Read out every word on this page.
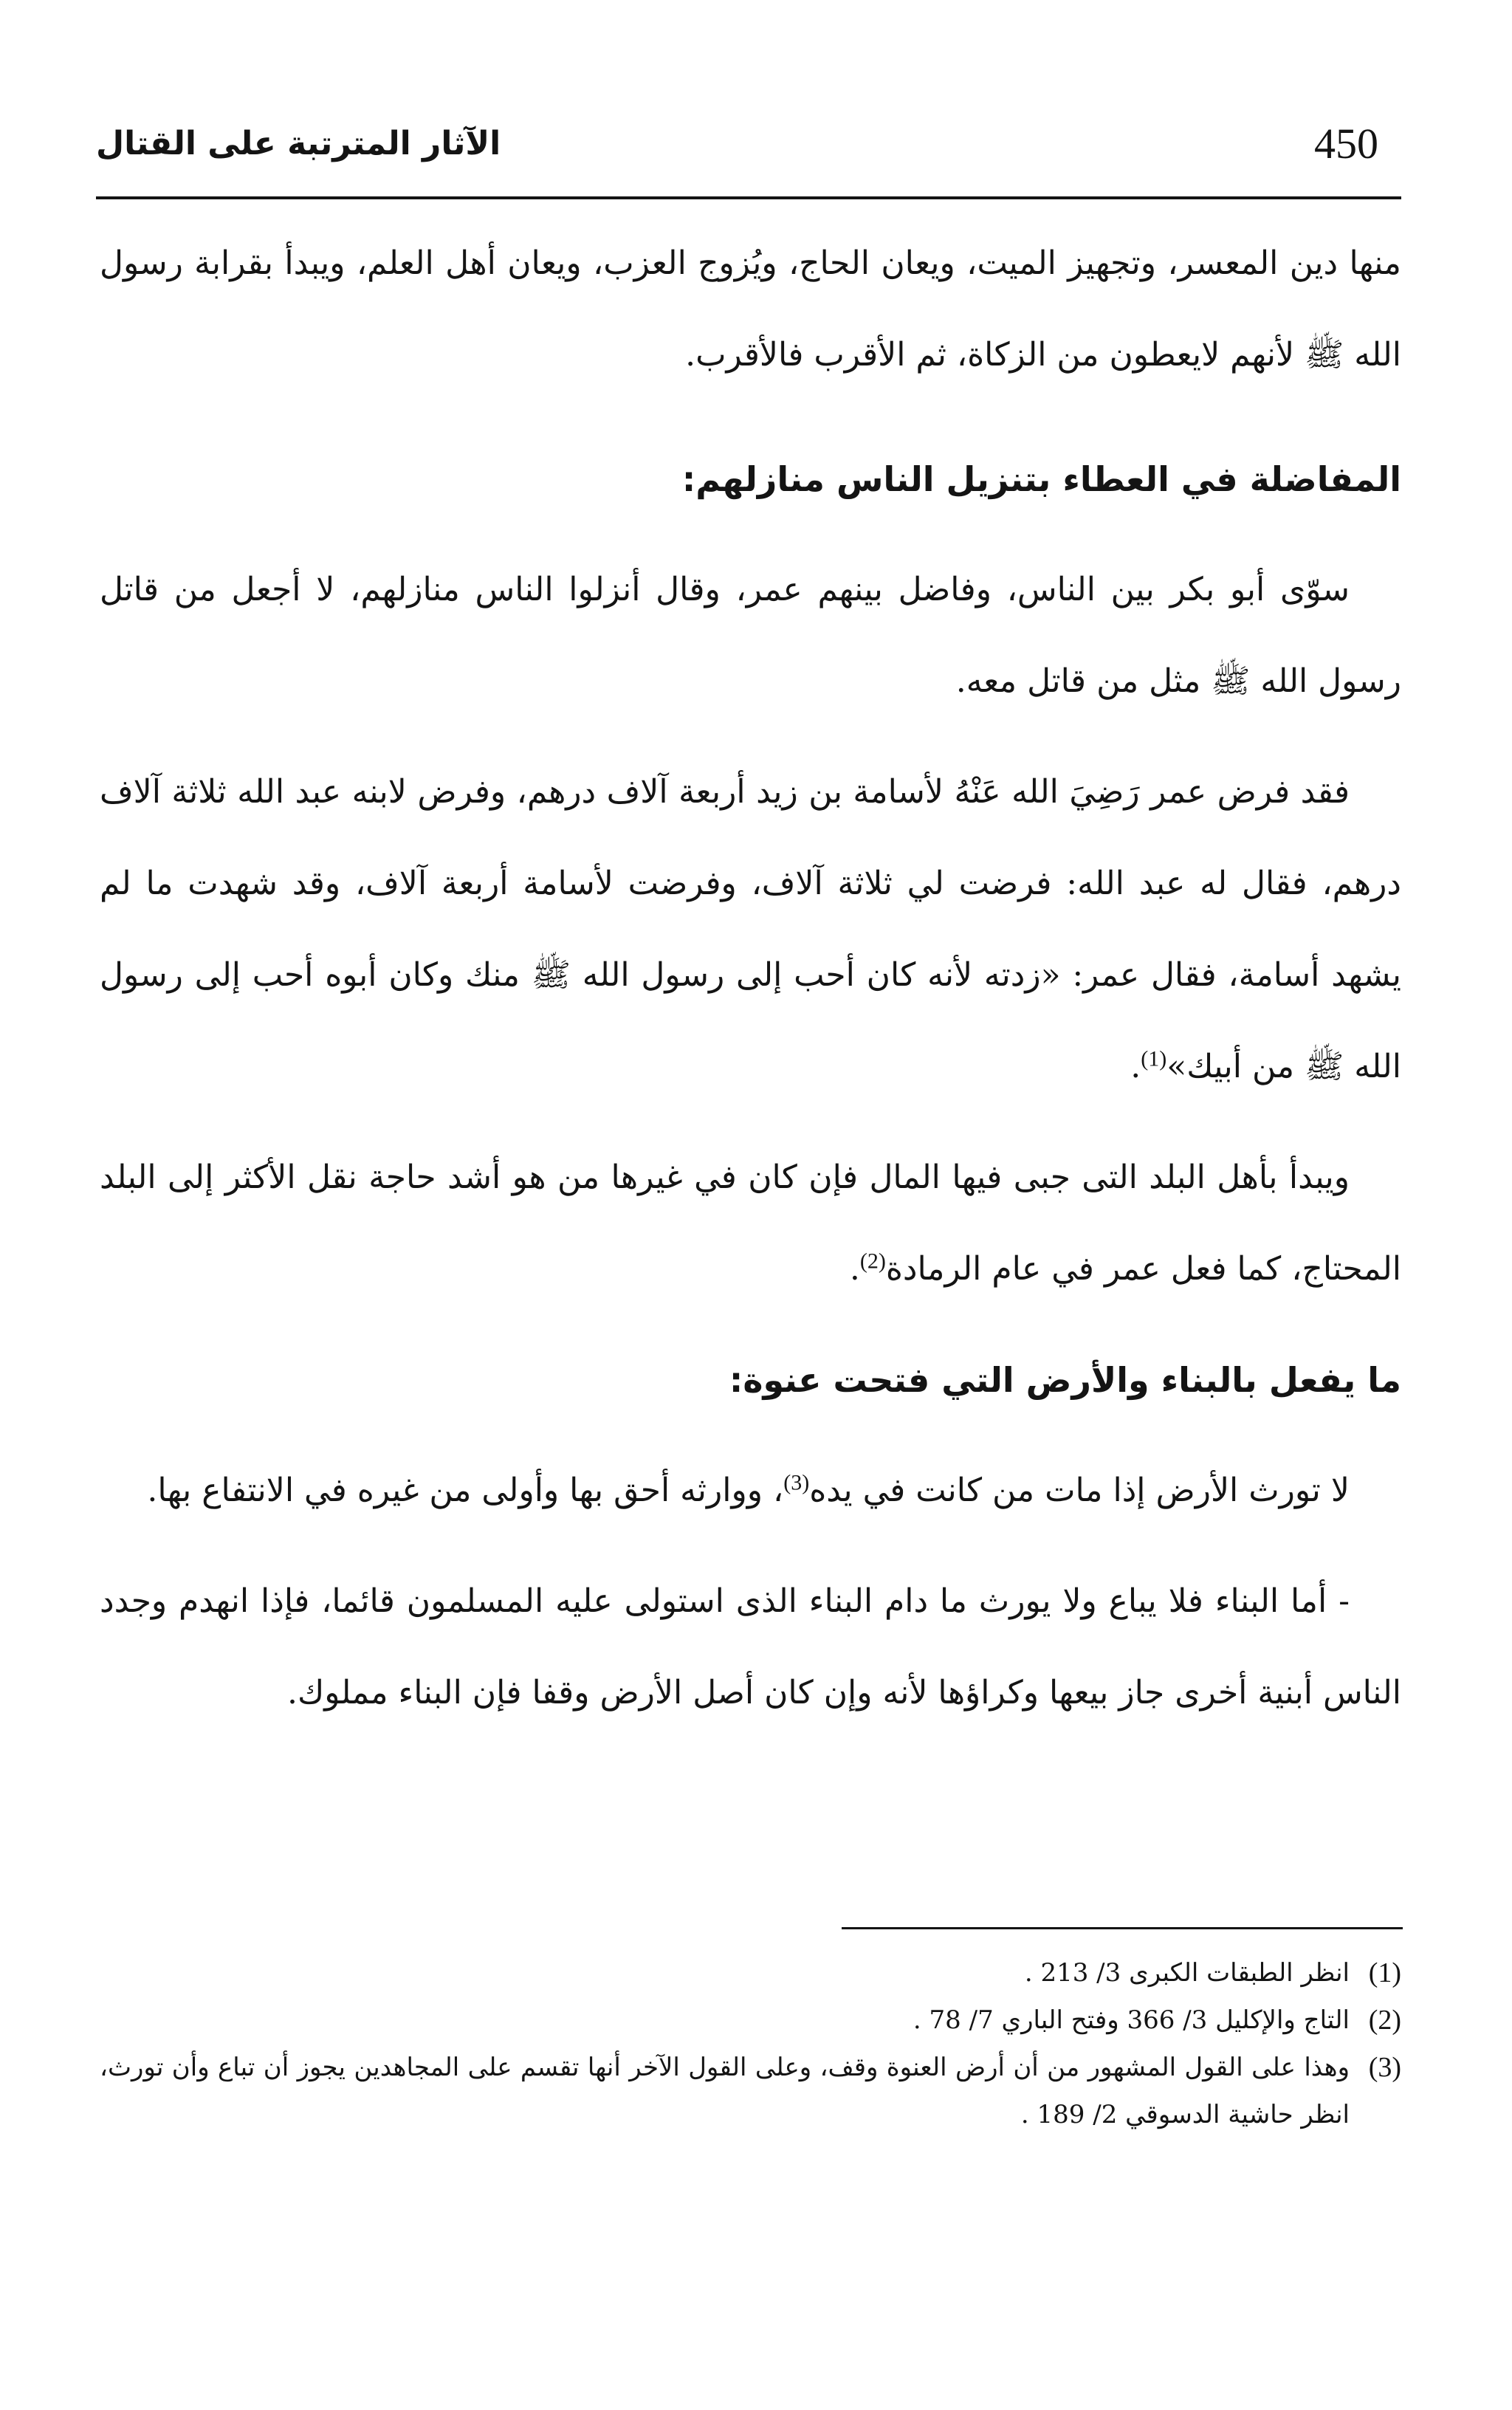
450
الآثار المترتبة على القتال

منها دين المعسر، وتجهيز الميت، ويعان الحاج، ويُزوج العزب، ويعان أهل العلم، ويبدأ بقرابة رسول الله ﷺ لأنهم لايعطون من الزكاة، ثم الأقرب فالأقرب.

المفاضلة في العطاء بتنزيل الناس منازلهم:

سوّى أبو بكر بين الناس، وفاضل بينهم عمر، وقال أنزلوا الناس منازلهم، لا أجعل من قاتل رسول الله ﷺ مثل من قاتل معه.

فقد فرض عمر رَضِيَ الله عَنْهُ لأسامة بن زيد أربعة آلاف درهم، وفرض لابنه عبد الله ثلاثة آلاف درهم، فقال له عبد الله: فرضت لي ثلاثة آلاف، وفرضت لأسامة أربعة آلاف، وقد شهدت ما لم يشهد أسامة، فقال عمر: «زدته لأنه كان أحب إلى رسول الله ﷺ منك وكان أبوه أحب إلى رسول الله ﷺ من أبيك»$^{(1)}$.

ويبدأ بأهل البلد التى جبى فيها المال فإن كان في غيرها من هو أشد حاجة نقل الأكثر إلى البلد المحتاج، كما فعل عمر في عام الرمادة$^{(2)}$.

ما يفعل بالبناء والأرض التي فتحت عنوة:

لا تورث الأرض إذا مات من كانت في يده$^{(3)}$، ووارثه أحق بها وأولى من غيره في الانتفاع بها.

- أما البناء فلا يباع ولا يورث ما دام البناء الذى استولى عليه المسلمون قائما، فإذا انهدم وجدد الناس أبنية أخرى جاز بيعها وكراؤها لأنه وإن كان أصل الأرض وقفا فإن البناء مملوك.

(1)
انظر الطبقات الكبرى 3/ 213 .
(2)
التاج والإكليل 3/ 366 وفتح الباري 7/ 78 .
(3)
وهذا على القول المشهور من أن أرض العنوة وقف، وعلى القول الآخر أنها تقسم على المجاهدين يجوز أن تباع وأن تورث، انظر حاشية الدسوقي 2/ 189 .
